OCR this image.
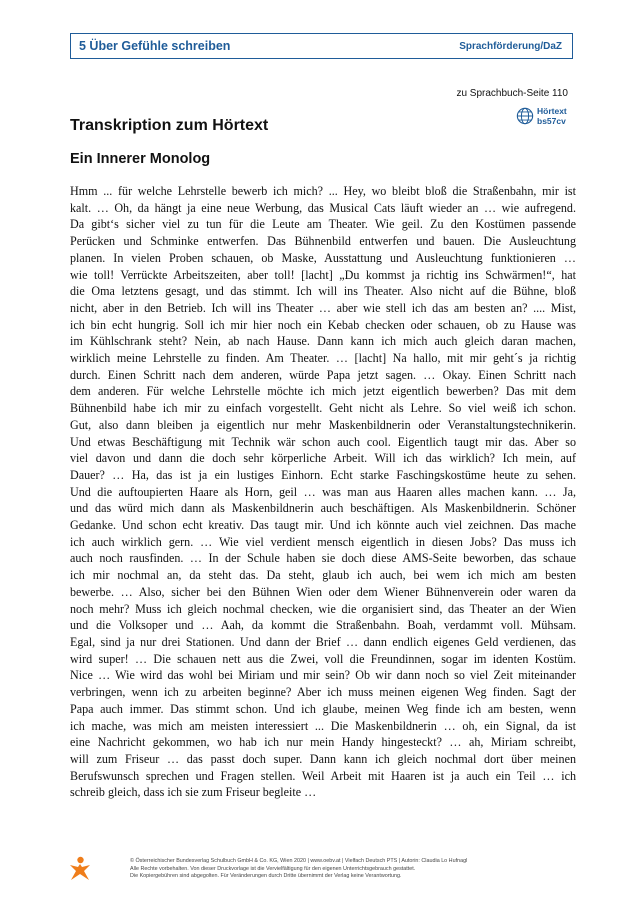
5 Über Gefühle schreiben	Sprachförderung/DaZ
zu Sprachbuch-Seite 110
Hörtext
bs57cv
Transkription zum Hörtext
Ein Innerer Monolog
Hmm ... für welche Lehrstelle bewerb ich mich? ... Hey, wo bleibt bloß die Straßenbahn, mir ist
kalt. … Oh, da hängt ja eine neue Werbung, das Musical Cats läuft wieder an … wie aufregend.
Da gibt‘s sicher viel zu tun für die Leute am Theater. Wie geil. Zu den Kostümen passende
Perücken und Schminke entwerfen. Das Bühnenbild entwerfen und bauen. Die Ausleuchtung
planen. In vielen Proben schauen, ob Maske, Ausstattung und Ausleuchtung funktionieren …
wie toll! Verrückte Arbeitszeiten, aber toll! [lacht] „Du kommst ja richtig ins Schwärmen!“, hat
die Oma letztens gesagt, und das stimmt. Ich will ins Theater. Also nicht auf die Bühne, bloß
nicht, aber in den Betrieb. Ich will ins Theater … aber wie stell ich das am besten an? .... Mist,
ich bin echt hungrig. Soll ich mir hier noch ein Kebab checken oder schauen, ob zu Hause was
im Kühlschrank steht? Nein, ab nach Hause. Dann kann ich mich auch gleich daran machen,
wirklich meine Lehrstelle zu finden. Am Theater. … [lacht] Na hallo, mit mir geht´s ja richtig
durch. Einen Schritt nach dem anderen, würde Papa jetzt sagen. … Okay. Einen Schritt nach
dem anderen. Für welche Lehrstelle möchte ich mich jetzt eigentlich bewerben? Das mit dem
Bühnenbild habe ich mir zu einfach vorgestellt. Geht nicht als Lehre. So viel weiß ich schon.
Gut, also dann bleiben ja eigentlich nur mehr Maskenbildnerin oder Veranstaltungstechnikerin.
Und etwas Beschäftigung mit Technik wär schon auch cool. Eigentlich taugt mir das. Aber so
viel davon und dann die doch sehr körperliche Arbeit. Will ich das wirklich? Ich mein, auf
Dauer? … Ha, das ist ja ein lustiges Einhorn. Echt starke Faschingskostüme heute zu sehen.
Und die auftoupierten Haare als Horn, geil … was man aus Haaren alles machen kann. … Ja,
und das würd mich dann als Maskenbildnerin auch beschäftigen. Als Maskenbildnerin. Schöner
Gedanke. Und schon echt kreativ. Das taugt mir. Und ich könnte auch viel zeichnen. Das mache
ich auch wirklich gern. … Wie viel verdient mensch eigentlich in diesen Jobs? Das muss ich
auch noch rausfinden. … In der Schule haben sie doch diese AMS-Seite beworben, das schaue
ich mir nochmal an, da steht das. Da steht, glaub ich auch, bei wem ich mich am besten
bewerbe. … Also, sicher bei den Bühnen Wien oder dem Wiener Bühnenverein oder waren da
noch mehr? Muss ich gleich nochmal checken, wie die organisiert sind, das Theater an der Wien
und die Volksoper und … Aah, da kommt die Straßenbahn. Boah, verdammt voll. Mühsam.
Egal, sind ja nur drei Stationen. Und dann der Brief … dann endlich eigenes Geld verdienen, das
wird super! … Die schauen nett aus die Zwei, voll die Freundinnen, sogar im identen Kostüm.
Nice … Wie wird das wohl bei Miriam und mir sein? Ob wir dann noch so viel Zeit miteinander
verbringen, wenn ich zu arbeiten beginne? Aber ich muss meinen eigenen Weg finden. Sagt der
Papa auch immer. Das stimmt schon. Und ich glaube, meinen Weg finde ich am besten, wenn
ich mache, was mich am meisten interessiert ... Die Maskenbildnerin … oh, ein Signal, da ist
eine Nachricht gekommen, wo hab ich nur mein Handy hingesteckt? … ah, Miriam schreibt,
will zum Friseur … das passt doch super. Dann kann ich gleich nochmal dort über meinen
Berufswunsch sprechen und Fragen stellen. Weil Arbeit mit Haaren ist ja auch ein Teil … ich
schreib gleich, dass ich sie zum Friseur begleite …
© Österreichischer Bundesverlag Schulbuch GmbH & Co. KG, Wien 2020 | www.oebv.at | Vielfach Deutsch PTS | Autorin: Claudia Lo Hufnagl
Alle Rechte vorbehalten. Von dieser Druckvorlage ist die Vervielfältigung für den eigenen Unterrichtsgebrauch gestattet.
Die Kopiergebühren sind abgegolten. Für Veränderungen durch Dritte übernimmt der Verlag keine Verantwortung.
